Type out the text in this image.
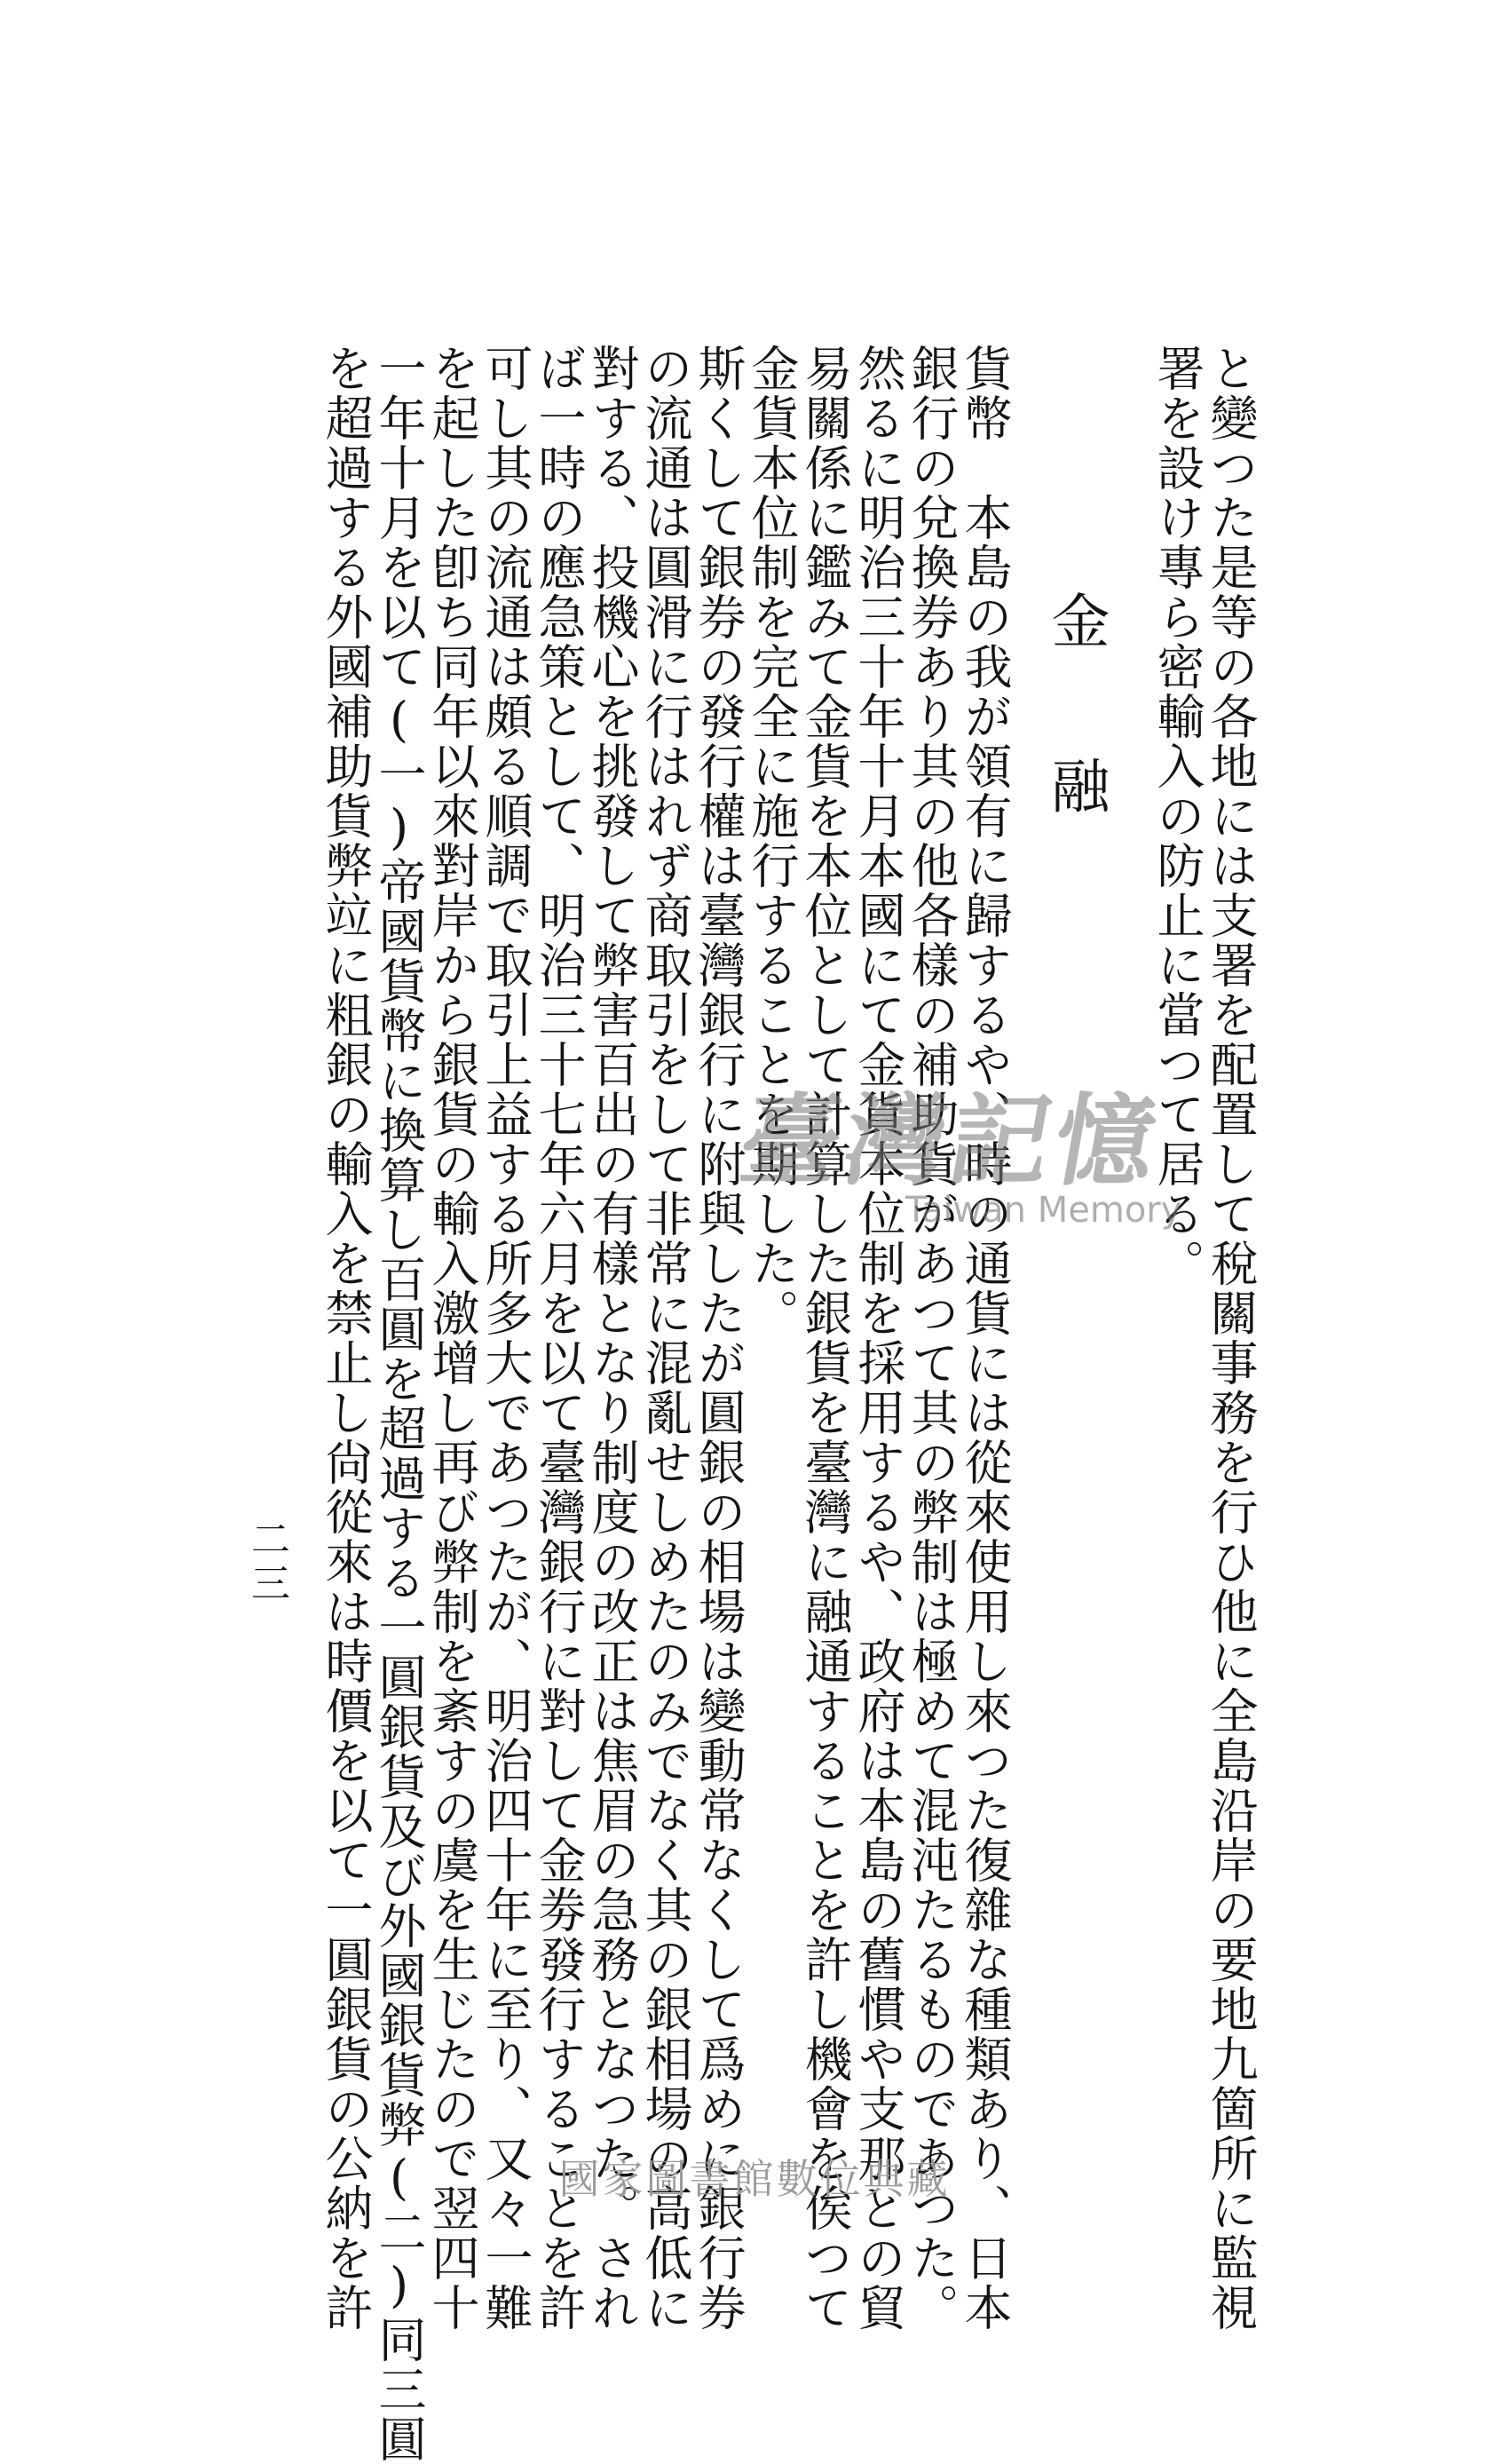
と變つた是等の各地には支署を配置して稅關事務を行ひ他に全島沿岸の要地九箇所に監視

署を設け專ら密輸入の防止に當つて居る。

金融

貨幣　本島の我が領有に歸するや、時の通貨には從來使用し來つた復雜な種類あり、日本

銀行の兌換券あり其の他各樣の補助貨があつて其の弊制は極めて混沌たるものであつた。

然るに明治三十年十月本國にて金貨本位制を採用するや、政府は本島の舊慣や支那との貿

易關係に鑑みて金貨を本位として計算した銀貨を臺灣に融通することを許し機會を俟つて

金貨本位制を完全に施行することを期した。

斯くして銀券の發行權は臺灣銀行に附與したが圓銀の相場は變動常なくして爲めに銀行券

の流通は圓滑に行はれず商取引をして非常に混亂せしめたのみでなく其の銀相場の高低に

對する、投機心を挑發して弊害百出の有樣となり制度の改正は焦眉の急務となつた。され

ば一時の應急策として、明治三十七年六月を以て臺灣銀行に對して金劵發行することを許

可し其の流通は頗る順調で取引上益する所多大であつたが、明治四十年に至り、又々一難

を起した卽ち同年以來對岸から銀貨の輸入激增し再び弊制を紊すの虞を生じたので翌四十

一年十月を以て(一)帝國貨幣に換算し百圓を超過する一圓銀貨及び外國銀貨弊(二)同三圓

を超過する外國補助貨弊竝に粗銀の輸入を禁止し尙從來は時價を以て一圓銀貨の公納を許

二三

臺灣記憶
Taiwan Memory
國家圖書館數位典藏
